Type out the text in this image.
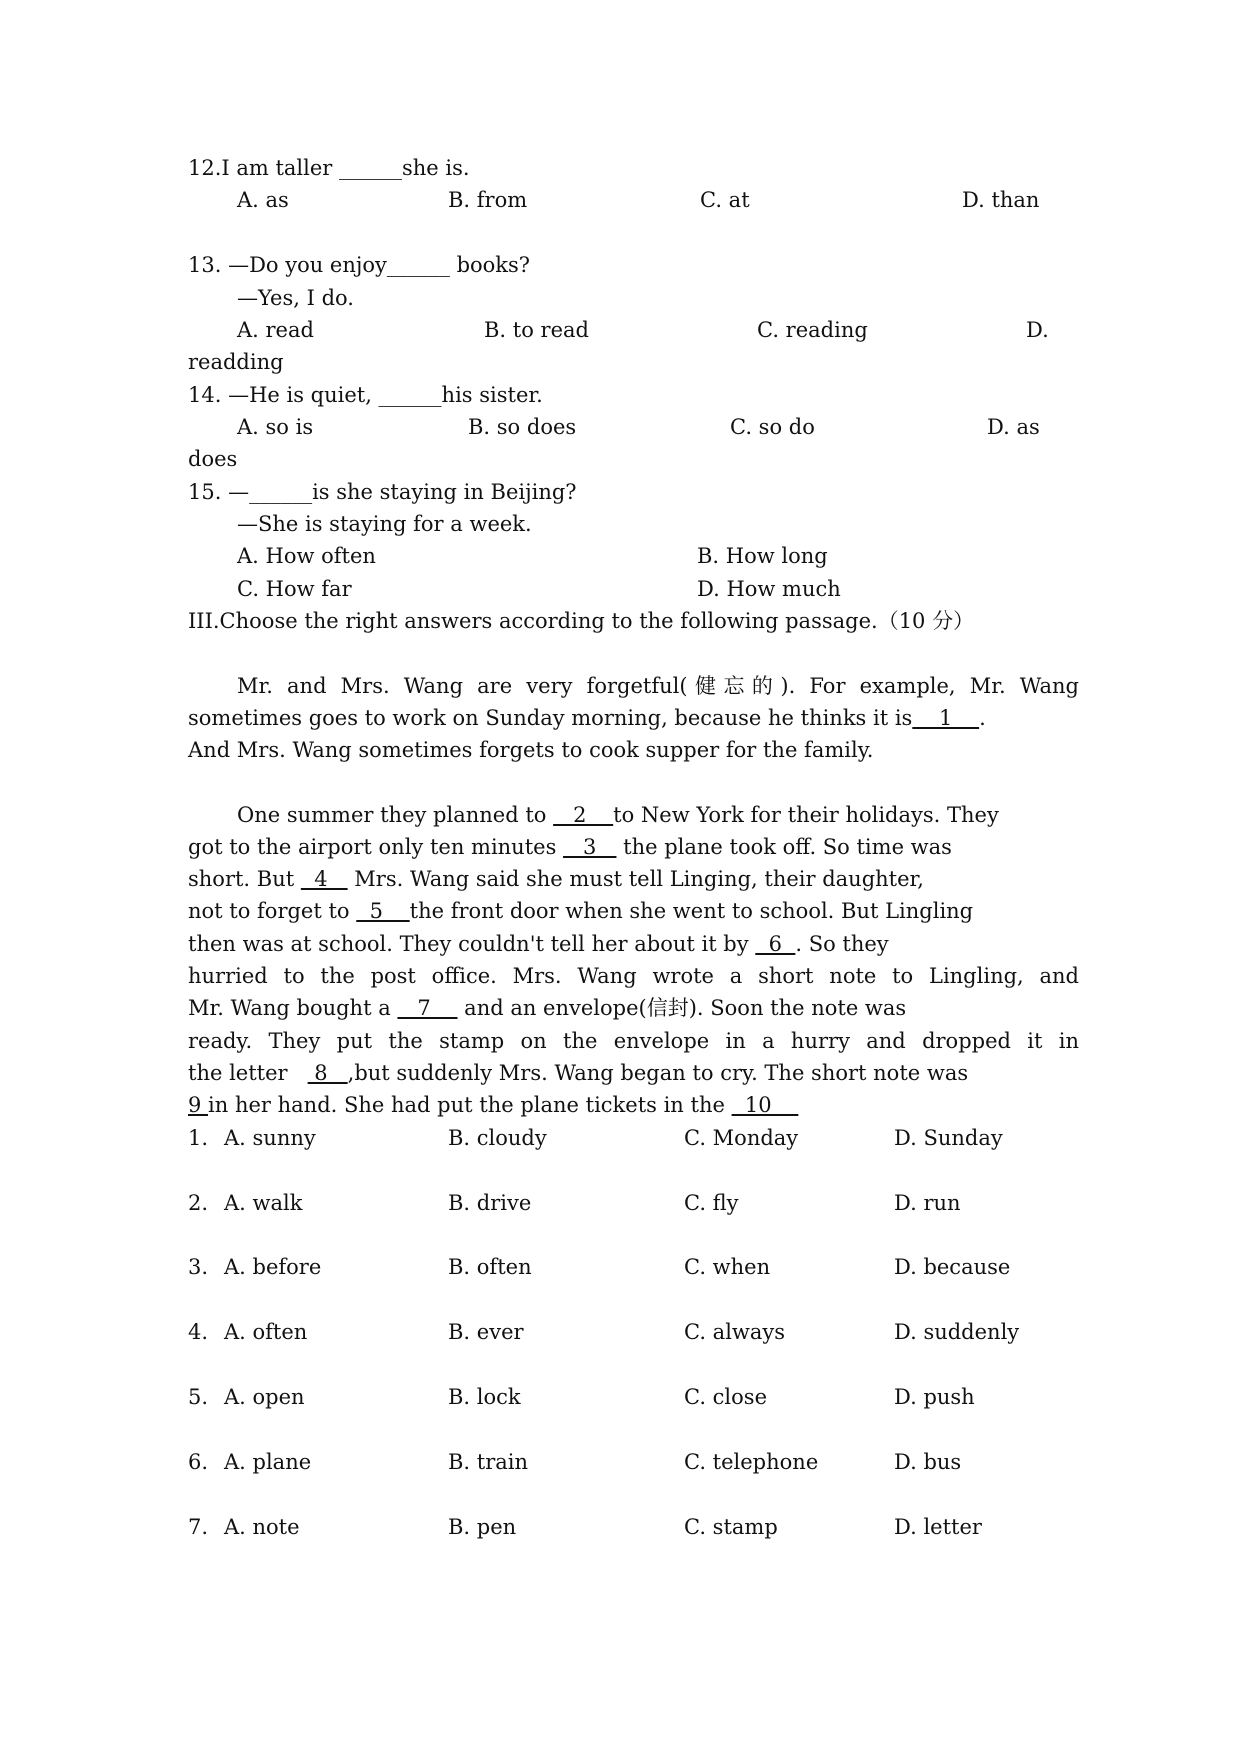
12.I am taller ______she is.
A. as	B. from	C. at	D. than
13. —Do you enjoy______ books?
—Yes, I do.
A. read	B. to read	C. reading	D.
readding
14. —He is quiet, ______his sister.
A. so is	B. so does	C. so do	D. as
does
15. —______is she staying in Beijing?
—She is staying for a week.
A. How often	B. How long
C. How far	D. How much
III.Choose the right answers according to the following passage.（10 分）
Mr. and Mrs. Wang are very forgetful(健忘的). For example, Mr. Wang
sometimes goes to work on Sunday morning, because he thinks it is    1    .
And Mrs. Wang sometimes forgets to cook supper for the family.
One summer they planned to    2    to New York for their holidays. They
got to the airport only ten minutes    3    the plane took off. So time was
short. But   4    Mrs. Wang said she must tell Linging, their daughter,
not to forget to   5    the front door when she went to school. But Lingling
then was at school. They couldn't tell her about it by   6  . So they
hurried to the post office. Mrs. Wang wrote a short note to Lingling, and
Mr. Wang bought a    7     and an envelope(信封). Soon the note was
ready. They put the stamp on the envelope in a hurry and dropped it in
the letter    8   ,but suddenly Mrs. Wang began to cry. The short note was
9 in her hand. She had put the plane tickets in the   10
1. A. sunny	B. cloudy	C. Monday	D. Sunday
2. A. walk	B. drive	C. fly	D. run
3. A. before	B. often	C. when	D. because
4. A. often	B. ever	C. always	D. suddenly
5. A. open	B. lock	C. close	D. push
6. A. plane	B. train	C. telephone	D. bus
7. A. note	B. pen	C. stamp	D. letter
